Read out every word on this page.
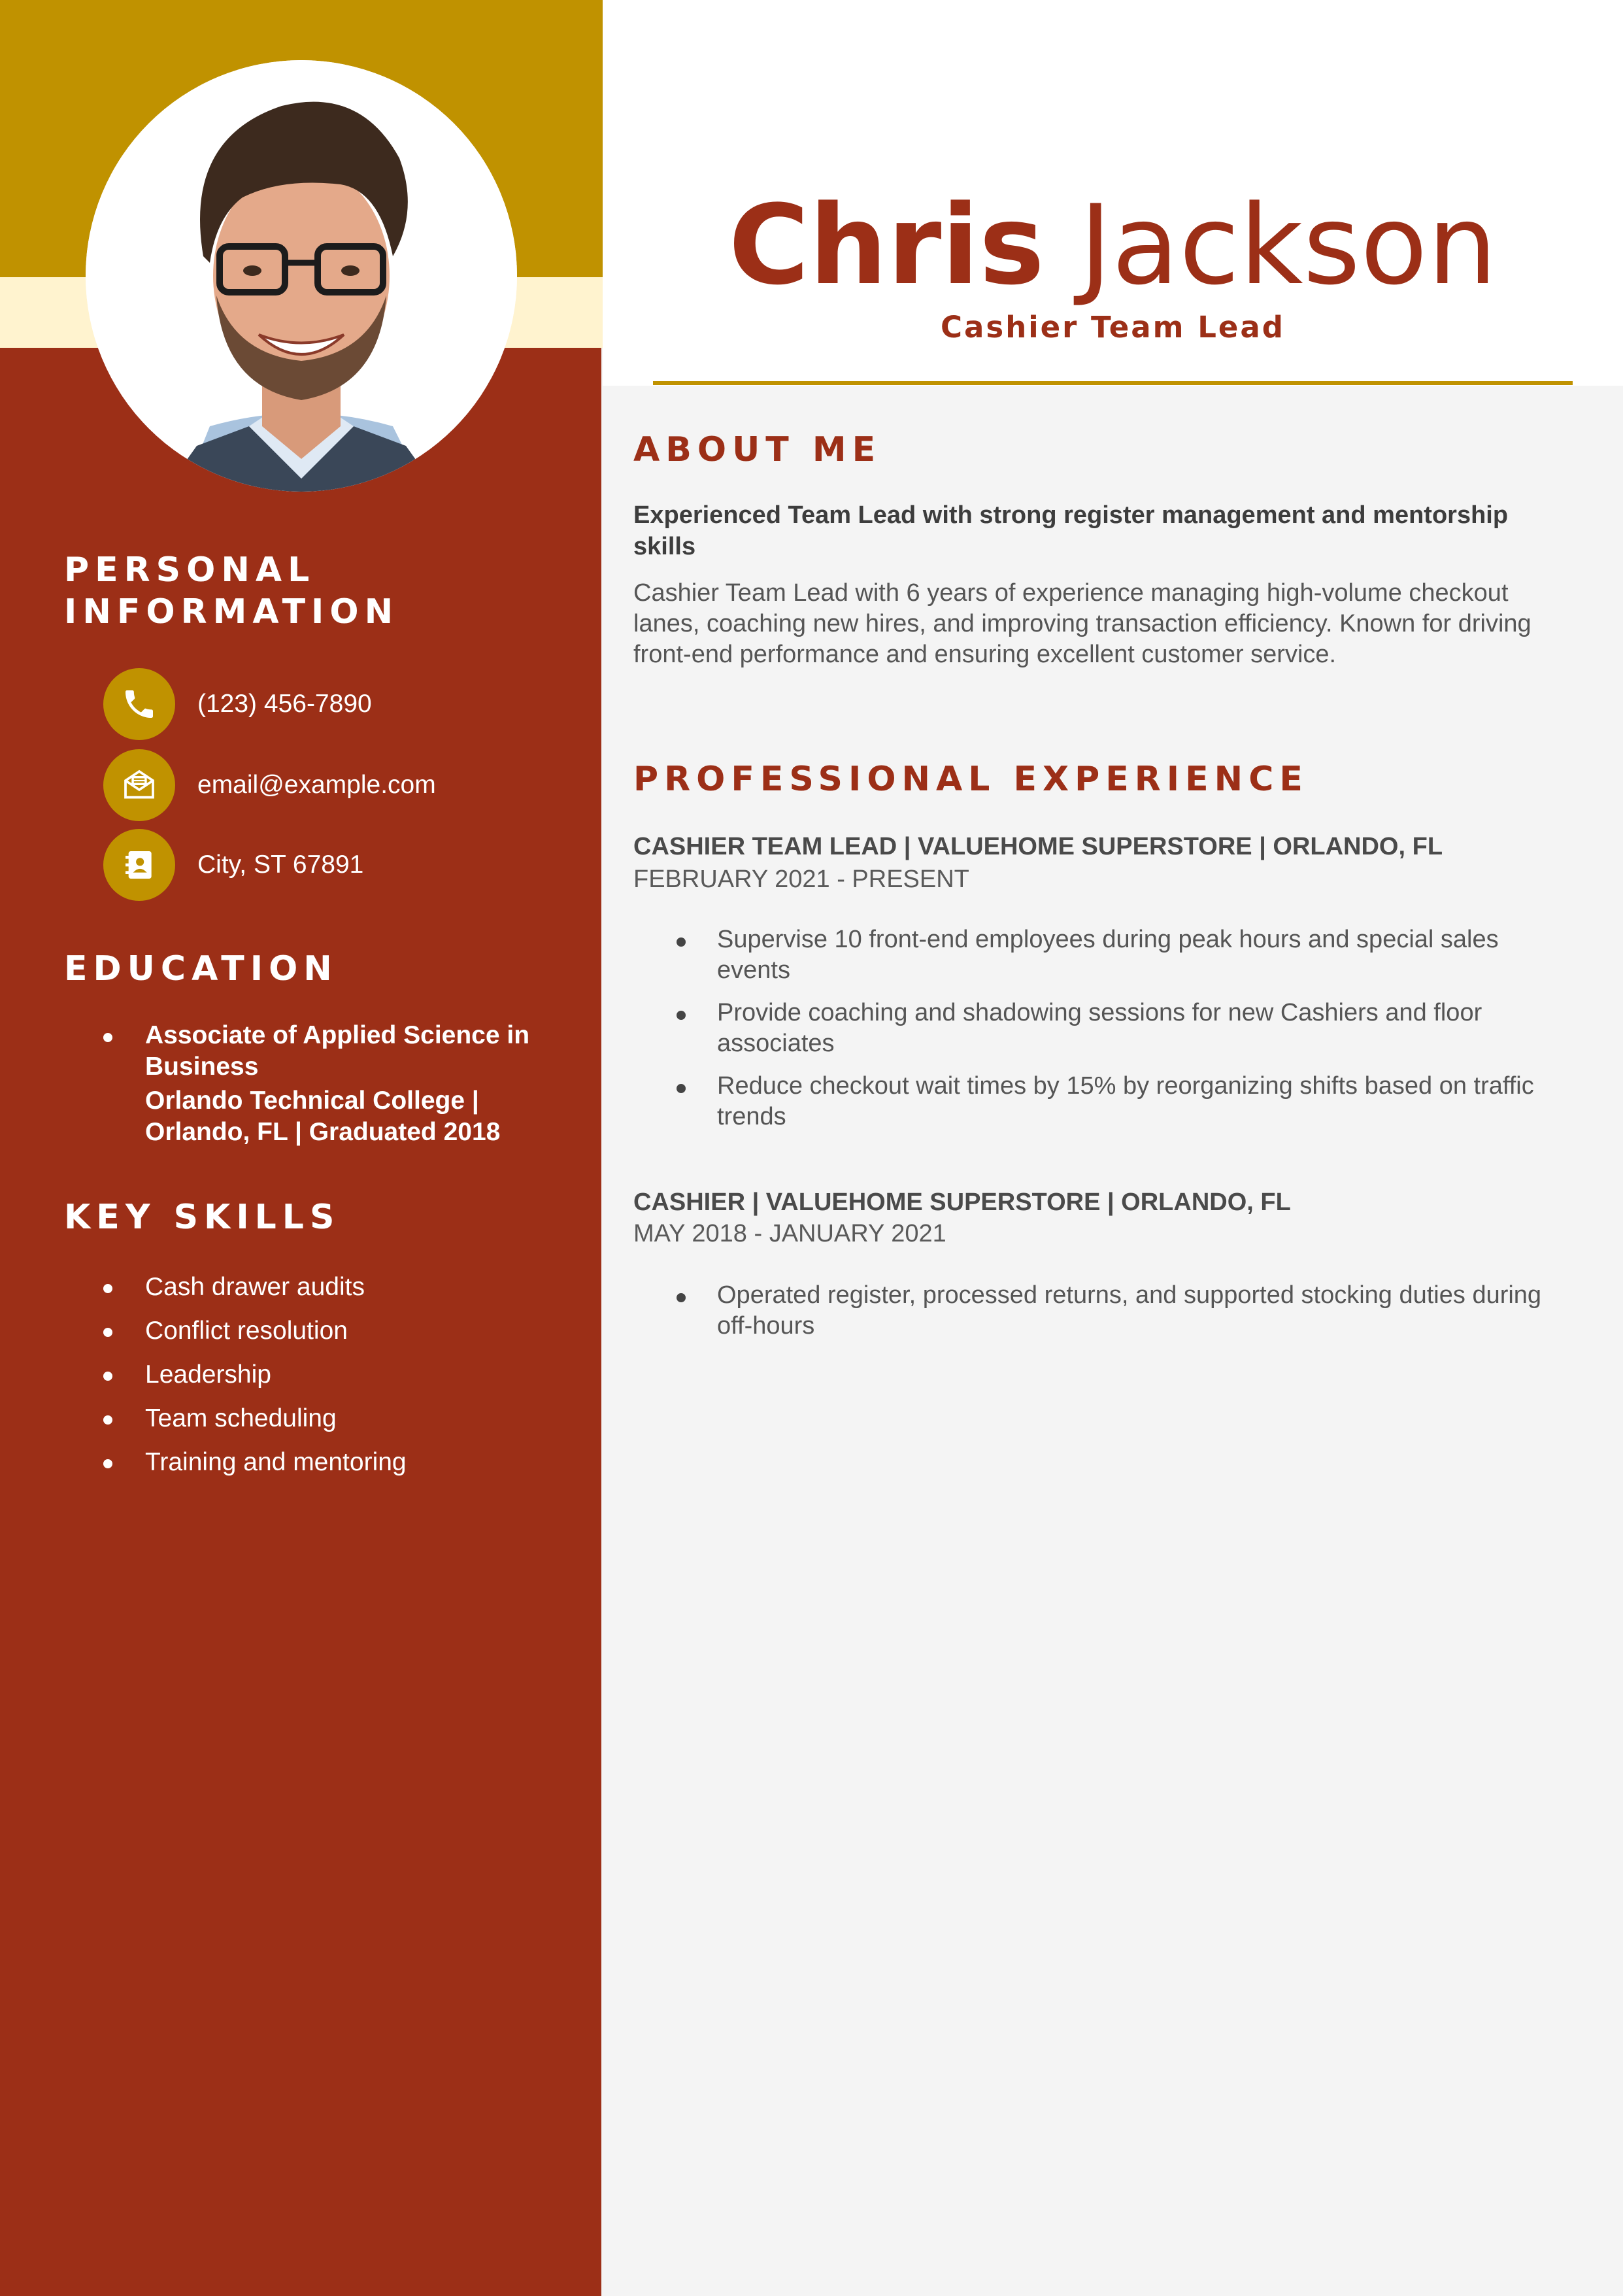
PERSONAL
INFORMATION
(123) 456-7890
email@example.com
City, ST 67891
EDUCATION
Associate of Applied Science in Business
Orlando Technical College | Orlando, FL | Graduated 2018
KEY SKILLS
Cash drawer audits
Conflict resolution
Leadership
Team scheduling
Training and mentoring
Chris Jackson
Cashier Team Lead
ABOUT ME

Experienced Team Lead with strong register management and mentorship skills

Cashier Team Lead with 6 years of experience managing high-volume checkout lanes, coaching new hires, and improving transaction efficiency. Known for driving front-end performance and ensuring excellent customer service.

PROFESSIONAL EXPERIENCE

CASHIER TEAM LEAD | VALUEHOME SUPERSTORE | ORLANDO, FL

FEBRUARY 2021 - PRESENT

Supervise 10 front-end employees during peak hours and special sales events
Provide coaching and shadowing sessions for new Cashiers and floor associates
Reduce checkout wait times by 15% by reorganizing shifts based on traffic trends

CASHIER | VALUEHOME SUPERSTORE | ORLANDO, FL

MAY 2018 - JANUARY 2021

Operated register, processed returns, and supported stocking duties during off-hours
